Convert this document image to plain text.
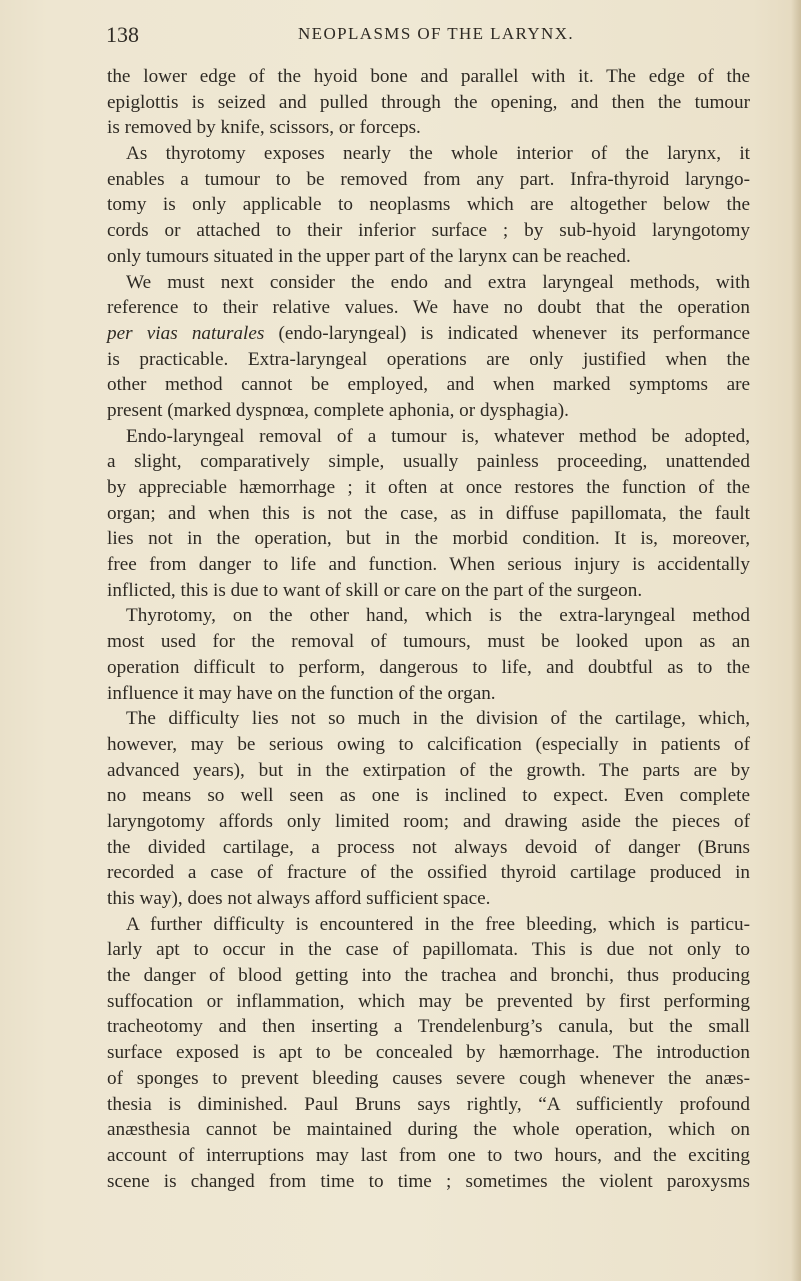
138	NEOPLASMS OF THE LARYNX.
the lower edge of the hyoid bone and parallel with it. The edge of the
epiglottis is seized and pulled through the opening, and then the tumour
is removed by knife, scissors, or forceps.
As thyrotomy exposes nearly the whole interior of the larynx, it
enables a tumour to be removed from any part. Infra-thyroid laryngo-
tomy is only applicable to neoplasms which are altogether below the
cords or attached to their inferior surface ; by sub-hyoid laryngotomy
only tumours situated in the upper part of the larynx can be reached.
We must next consider the endo and extra laryngeal methods, with
reference to their relative values. We have no doubt that the operation
per vias naturales (endo-laryngeal) is indicated whenever its performance
is practicable. Extra-laryngeal operations are only justified when the
other method cannot be employed, and when marked symptoms are
present (marked dyspnœa, complete aphonia, or dysphagia).
Endo-laryngeal removal of a tumour is, whatever method be adopted,
a slight, comparatively simple, usually painless proceeding, unattended
by appreciable hæmorrhage ; it often at once restores the function of the
organ; and when this is not the case, as in diffuse papillomata, the fault
lies not in the operation, but in the morbid condition. It is, moreover,
free from danger to life and function. When serious injury is accidentally
inflicted, this is due to want of skill or care on the part of the surgeon.
Thyrotomy, on the other hand, which is the extra-laryngeal method
most used for the removal of tumours, must be looked upon as an
operation difficult to perform, dangerous to life, and doubtful as to the
influence it may have on the function of the organ.
The difficulty lies not so much in the division of the cartilage, which,
however, may be serious owing to calcification (especially in patients of
advanced years), but in the extirpation of the growth. The parts are by
no means so well seen as one is inclined to expect. Even complete
laryngotomy affords only limited room; and drawing aside the pieces of
the divided cartilage, a process not always devoid of danger (Bruns
recorded a case of fracture of the ossified thyroid cartilage produced in
this way), does not always afford sufficient space.
A further difficulty is encountered in the free bleeding, which is particu-
larly apt to occur in the case of papillomata. This is due not only to
the danger of blood getting into the trachea and bronchi, thus producing
suffocation or inflammation, which may be prevented by first performing
tracheotomy and then inserting a Trendelenburg’s canula, but the small
surface exposed is apt to be concealed by hæmorrhage. The introduction
of sponges to prevent bleeding causes severe cough whenever the anæs-
thesia is diminished. Paul Bruns says rightly, “A sufficiently profound
anæsthesia cannot be maintained during the whole operation, which on
account of interruptions may last from one to two hours, and the exciting
scene is changed from time to time ; sometimes the violent paroxysms
